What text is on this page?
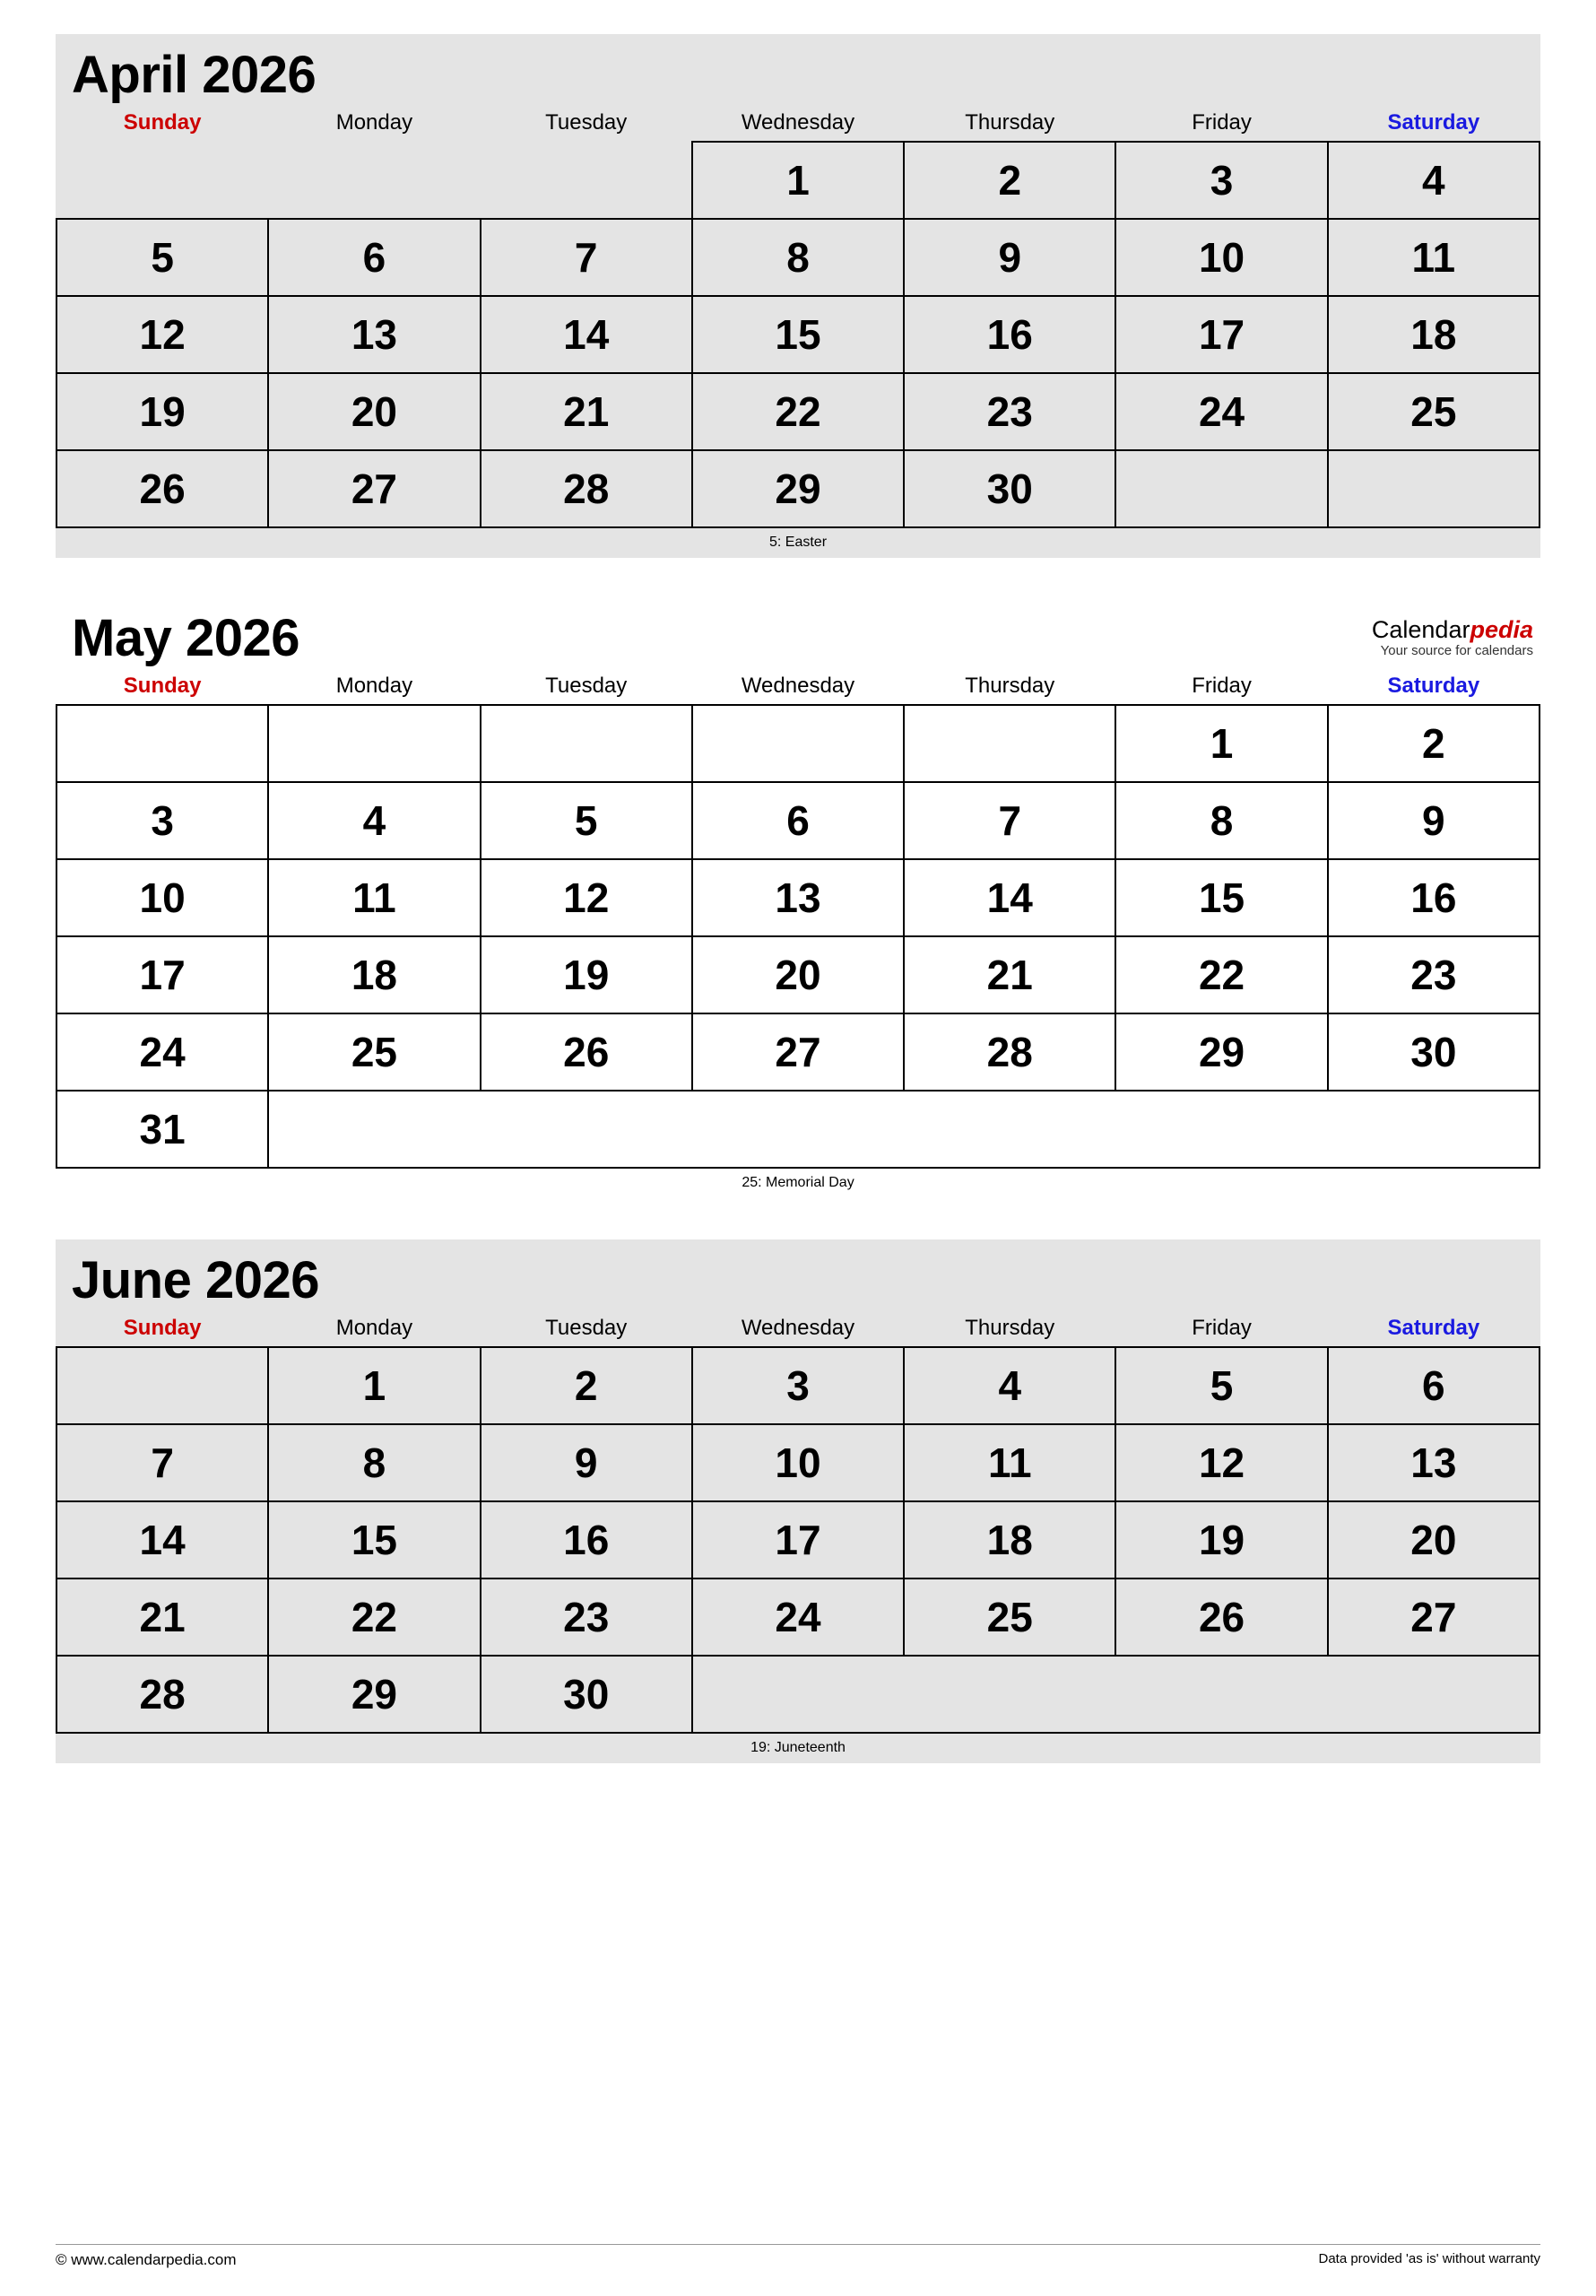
April 2026
Sunday	Monday	Tuesday	Wednesday	Thursday	Friday	Saturday
			1	2	3	4
5	6	7	8	9	10	11
12	13	14	15	16	17	18
19	20	21	22	23	24	25
26	27	28	29	30		
5: Easter
May 2026	Calendarpedia
Your source for calendars
Sunday	Monday	Tuesday	Wednesday	Thursday	Friday	Saturday
					1	2
3	4	5	6	7	8	9
10	11	12	13	14	15	16
17	18	19	20	21	22	23
24	25	26	27	28	29	30
31						
25: Memorial Day
June 2026
Sunday	Monday	Tuesday	Wednesday	Thursday	Friday	Saturday
	1	2	3	4	5	6
7	8	9	10	11	12	13
14	15	16	17	18	19	20
21	22	23	24	25	26	27
28	29	30				
19: Juneteenth
© www.calendarpedia.com	Data provided 'as is' without warranty
